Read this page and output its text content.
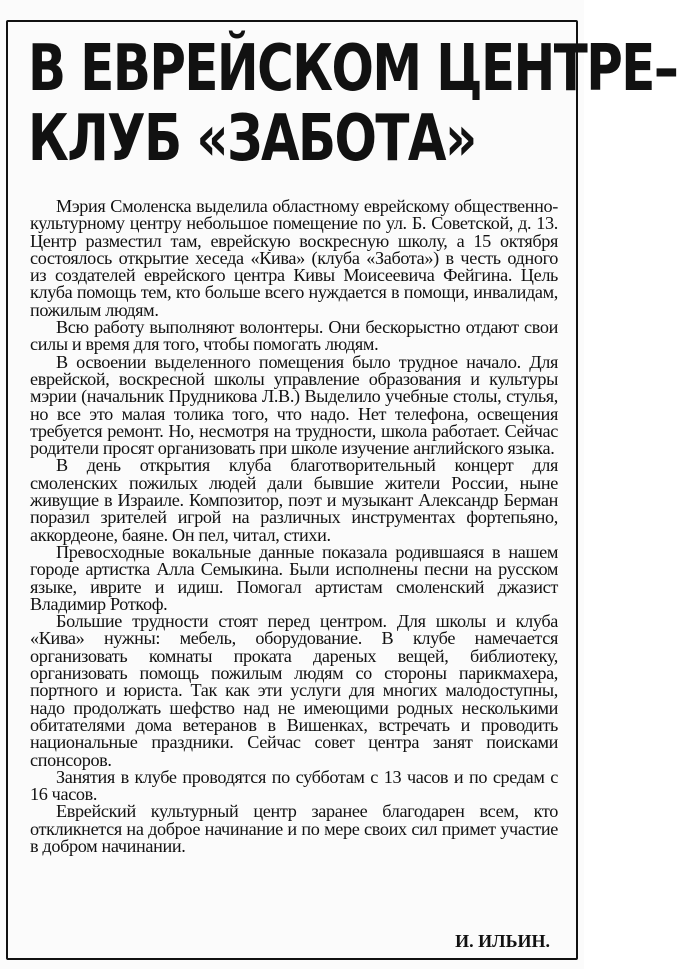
В ЕВРЕЙСКОМ ЦЕНТРЕ–
КЛУБ «ЗАБОТА»

Мэрия Смоленска выделила областному еврейскому общественно-культурному центру небольшое помещение по ул. Б. Советской, д. 13. Центр разместил там, еврейскую воскресную школу, а 15 октября состоялось открытие хеседа «Кива» (клуба «Забота») в честь одного из создателей еврейского центра Кивы Моисеевича Фейгина. Цель клуба помощь тем, кто больше всего нуждается в помощи, инвалидам, пожилым людям.

Всю работу выполняют волонтеры. Они бескорыстно отдают свои силы и время для того, чтобы помогать людям.

В освоении выделенного помещения было трудное начало. Для еврейской, воскресной школы управление образования и культуры мэрии (начальник Прудникова Л.В.) Выделило учебные столы, стулья, но все это малая толика того, что надо. Нет телефона, освещения требуется ремонт. Но, несмотря на трудности, школа работает. Сейчас родители просят организовать при школе изучение английского языка.

В день открытия клуба благотворительный концерт для смоленских пожилых людей дали бывшие жители России, ныне живущие в Израиле. Композитор, поэт и музыкант Александр Берман поразил зрителей игрой на различных инструментах фортепьяно, аккордеоне, баяне. Он пел, читал, стихи.

Превосходные вокальные данные показала родившаяся в нашем городе артистка Алла Семыкина. Были исполнены песни на русском языке, иврите и идиш. Помогал артистам смоленский джазист Владимир Роткоф.

Большие трудности стоят перед центром. Для школы и клуба «Кива» нужны: мебель, оборудование. В клубе намечается организовать комнаты проката дареных вещей, библиотеку, организовать помощь пожилым людям со стороны парикмахера, портного и юриста. Так как эти услуги для многих малодоступны, надо продолжать шефство над не имеющими родных несколькими обитателями дома ветеранов в Вишенках, встречать и проводить национальные праздники. Сейчас совет центра занят поисками спонсоров.

Занятия в клубе проводятся по субботам с 13 часов и по средам с 16 часов.

Еврейский культурный центр заранее благодарен всем, кто откликнется на доброе начинание и по мере своих сил примет участие в добром начинании.

И. ИЛЬИН.
